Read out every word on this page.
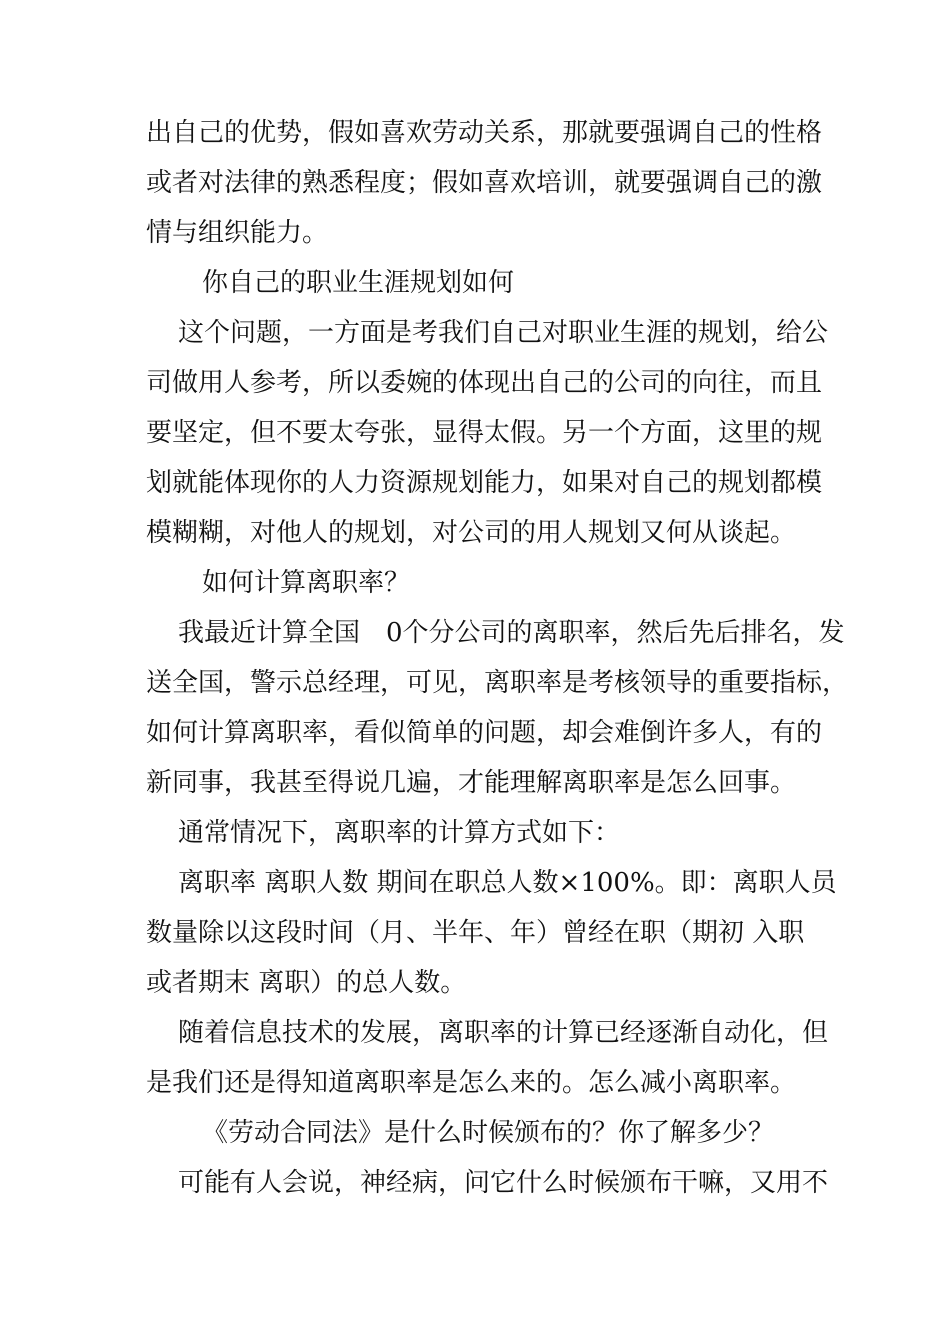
出自己的优势，假如喜欢劳动关系，那就要强调自己的性格
或者对法律的熟悉程度；假如喜欢培训，就要强调自己的激
情与组织能力。
你自己的职业生涯规划如何
这个问题，一方面是考我们自己对职业生涯的规划，给公
司做用人参考，所以委婉的体现出自己的公司的向往，而且
要坚定，但不要太夸张，显得太假。另一个方面，这里的规
划就能体现你的人力资源规划能力，如果对自己的规划都模
模糊糊，对他人的规划，对公司的用人规划又何从谈起。
如何计算离职率？
我最近计算全国　0个分公司的离职率，然后先后排名，发
送全国，警示总经理，可见，离职率是考核领导的重要指标，
如何计算离职率，看似简单的问题，却会难倒许多人，有的
新同事，我甚至得说几遍，才能理解离职率是怎么回事。
通常情况下，离职率的计算方式如下：
离职率 离职人数 期间在职总人数×100%。即：离职人员
数量除以这段时间（月、半年、年）曾经在职（期初 入职
或者期末 离职）的总人数。
随着信息技术的发展，离职率的计算已经逐渐自动化，但
是我们还是得知道离职率是怎么来的。怎么减小离职率。
《劳动合同法》是什么时候颁布的？你了解多少？
可能有人会说，神经病，问它什么时候颁布干嘛，又用不
